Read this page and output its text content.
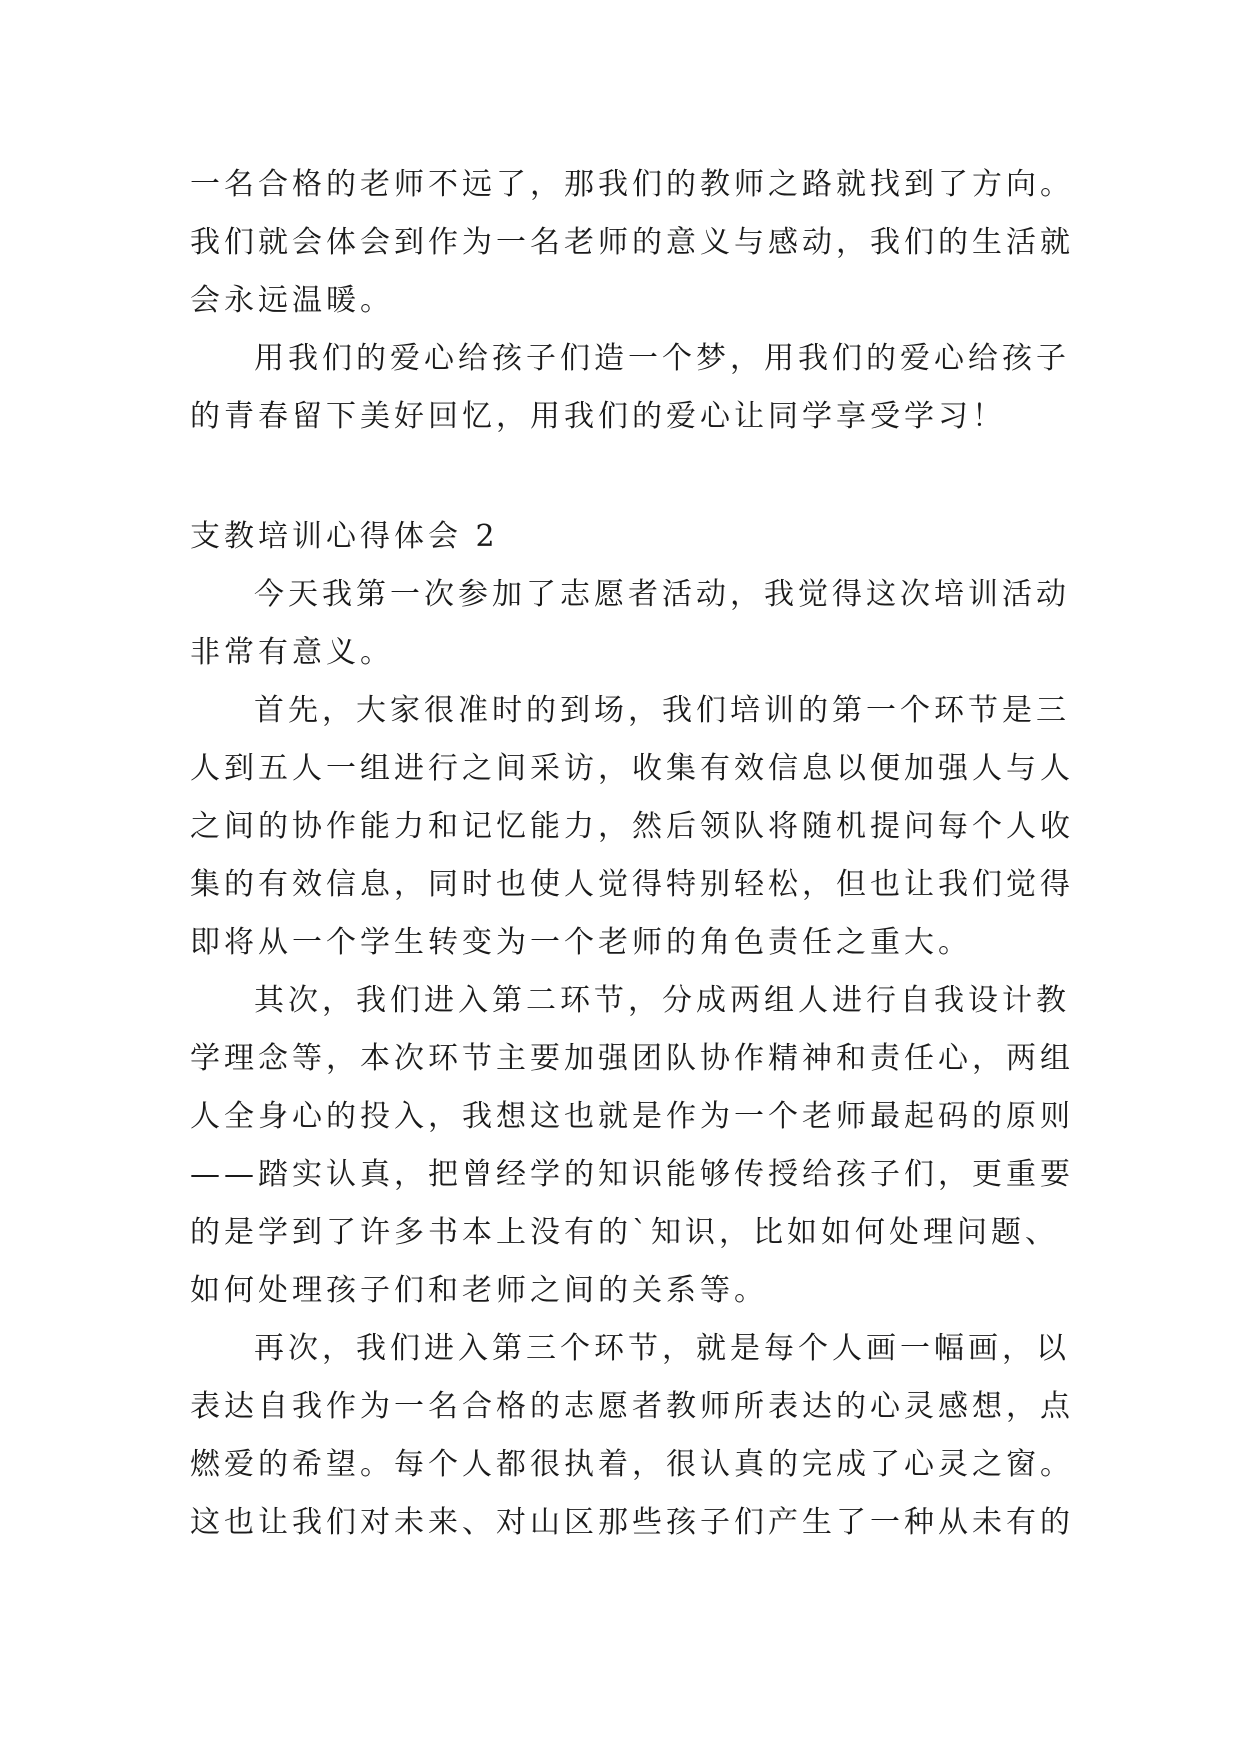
一名合格的老师不远了，那我们的教师之路就找到了方向。
我们就会体会到作为一名老师的意义与感动，我们的生活就
会永远温暖。
用我们的爱心给孩子们造一个梦，用我们的爱心给孩子
的青春留下美好回忆，用我们的爱心让同学享受学习！
支教培训心得体会 2
今天我第一次参加了志愿者活动，我觉得这次培训活动
非常有意义。
首先，大家很准时的到场，我们培训的第一个环节是三
人到五人一组进行之间采访，收集有效信息以便加强人与人
之间的协作能力和记忆能力，然后领队将随机提问每个人收
集的有效信息，同时也使人觉得特别轻松，但也让我们觉得
即将从一个学生转变为一个老师的角色责任之重大。
其次，我们进入第二环节，分成两组人进行自我设计教
学理念等，本次环节主要加强团队协作精神和责任心，两组
人全身心的投入，我想这也就是作为一个老师最起码的原则
——踏实认真，把曾经学的知识能够传授给孩子们，更重要
的是学到了许多书本上没有的`知识，比如如何处理问题、
如何处理孩子们和老师之间的关系等。
再次，我们进入第三个环节，就是每个人画一幅画，以
表达自我作为一名合格的志愿者教师所表达的心灵感想，点
燃爱的希望。每个人都很执着，很认真的完成了心灵之窗。
这也让我们对未来、对山区那些孩子们产生了一种从未有的
